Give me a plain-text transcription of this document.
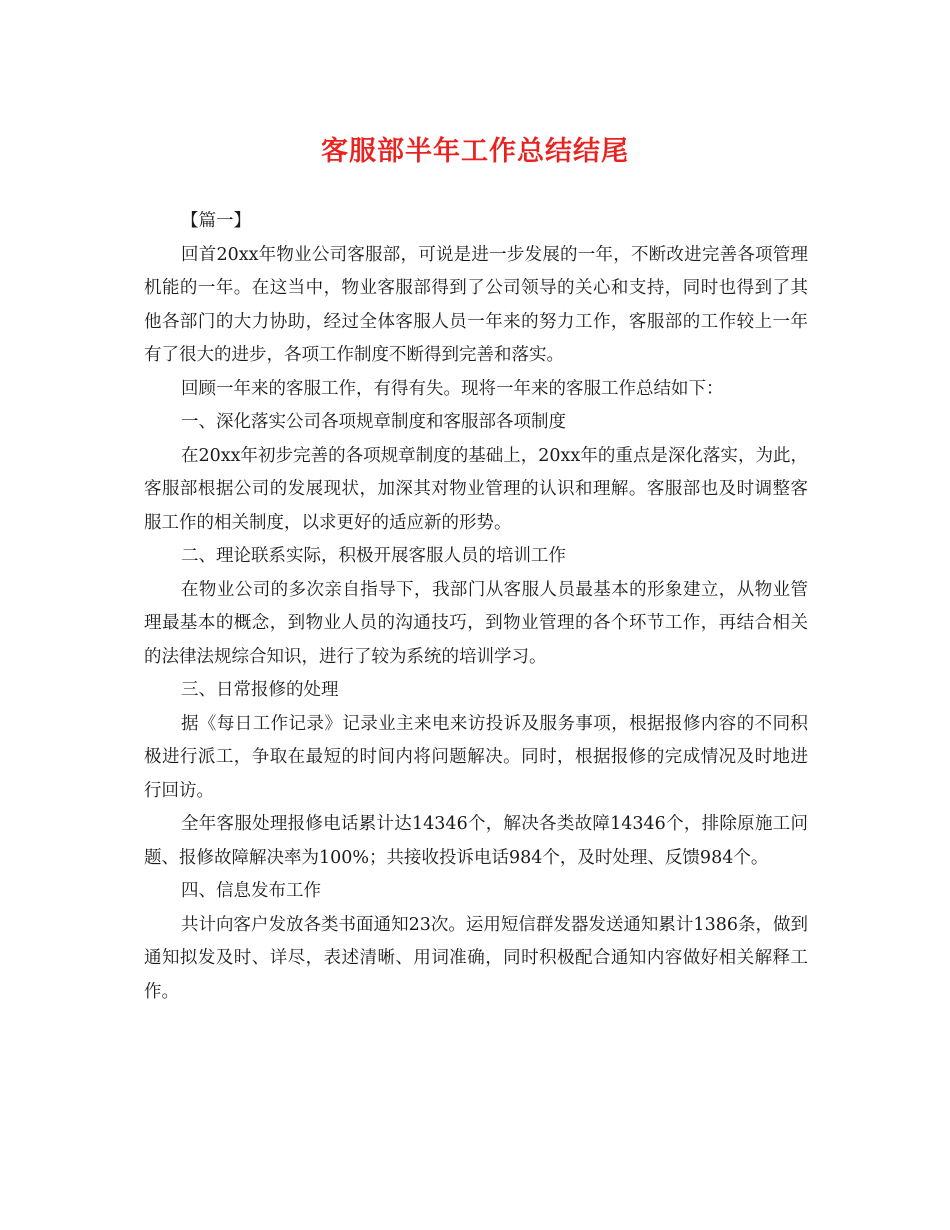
客服部半年工作总结结尾

【篇一】

回首20xx年物业公司客服部，可说是进一步发展的一年，不断改进完善各项管理机能的一年。在这当中，物业客服部得到了公司领导的关心和支持，同时也得到了其他各部门的大力协助，经过全体客服人员一年来的努力工作，客服部的工作较上一年有了很大的进步，各项工作制度不断得到完善和落实。

回顾一年来的客服工作，有得有失。现将一年来的客服工作总结如下：

一、深化落实公司各项规章制度和客服部各项制度

在20xx年初步完善的各项规章制度的基础上，20xx年的重点是深化落实，为此，客服部根据公司的发展现状，加深其对物业管理的认识和理解。客服部也及时调整客服工作的相关制度，以求更好的适应新的形势。

二、理论联系实际，积极开展客服人员的培训工作

在物业公司的多次亲自指导下，我部门从客服人员最基本的形象建立，从物业管理最基本的概念，到物业人员的沟通技巧，到物业管理的各个环节工作，再结合相关的法律法规综合知识，进行了较为系统的培训学习。

三、日常报修的处理

据《每日工作记录》记录业主来电来访投诉及服务事项，根据报修内容的不同积极进行派工，争取在最短的时间内将问题解决。同时，根据报修的完成情况及时地进行回访。

全年客服处理报修电话累计达14346个，解决各类故障14346个，排除原施工问题、报修故障解决率为100%；共接收投诉电话984个，及时处理、反馈984个。

四、信息发布工作

共计向客户发放各类书面通知23次。运用短信群发器发送通知累计1386条，做到通知拟发及时、详尽，表述清晰、用词准确，同时积极配合通知内容做好相关解释工作。
